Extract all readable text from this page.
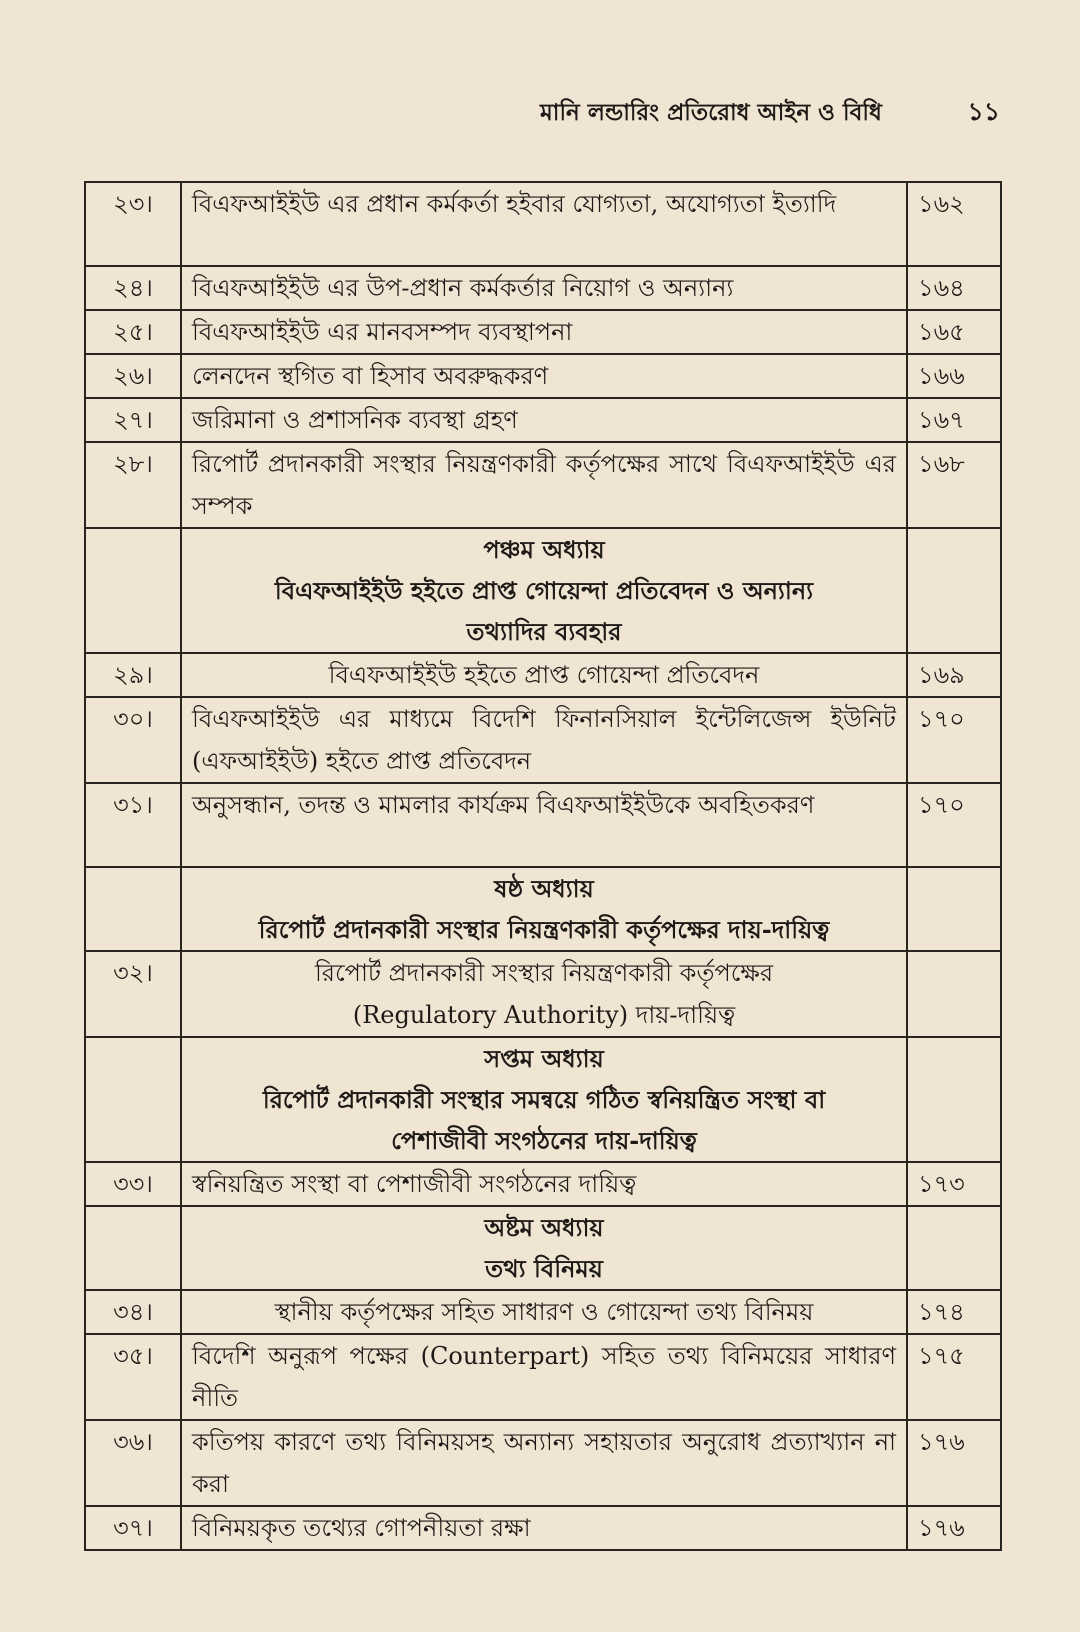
মানি লন্ডারিং প্রতিরোধ আইন ও বিধি	১১
২৩।	বিএফআইইউ এর প্রধান কর্মকর্তা হইবার যোগ্যতা, অযোগ্যতা ইত্যাদি	১৬২
২৪।	বিএফআইইউ এর উপ-প্রধান কর্মকর্তার নিয়োগ ও অন্যান্য	১৬৪
২৫।	বিএফআইইউ এর মানবসম্পদ ব্যবস্থাপনা	১৬৫
২৬।	লেনদেন স্থগিত বা হিসাব অবরুদ্ধকরণ	১৬৬
২৭।	জরিমানা ও প্রশাসনিক ব্যবস্থা গ্রহণ	১৬৭
২৮।	রিপোর্ট প্রদানকারী সংস্থার নিয়ন্ত্রণকারী কর্তৃপক্ষের সাথে বিএফআইইউ এর সম্পক	১৬৮

	পঞ্চম অধ্যায়
বিএফআইইউ হইতে প্রাপ্ত গোয়েন্দা প্রতিবেদন ও অন্যান্য
তথ্যাদির ব্যবহার	

২৯।	বিএফআইইউ হইতে প্রাপ্ত গোয়েন্দা প্রতিবেদন	১৬৯
৩০।	বিএফআইইউ এর মাধ্যমে বিদেশি ফিনানসিয়াল ইন্টেলিজেন্স ইউনিট (এফআইইউ) হইতে প্রাপ্ত প্রতিবেদন	১৭০
৩১।	অনুসন্ধান, তদন্ত ও মামলার কার্যক্রম বিএফআইইউকে অবহিতকরণ	১৭০

	ষষ্ঠ অধ্যায়
রিপোর্ট প্রদানকারী সংস্থার নিয়ন্ত্রণকারী কর্তৃপক্ষের দায়-দায়িত্ব	

৩২।	রিপোর্ট প্রদানকারী সংস্থার নিয়ন্ত্রণকারী কর্তৃপক্ষের
(Regulatory Authority) দায়-দায়িত্ব	

	সপ্তম অধ্যায়
রিপোর্ট প্রদানকারী সংস্থার সমন্বয়ে গঠিত স্বনিয়ন্ত্রিত সংস্থা বা
পেশাজীবী সংগঠনের দায়-দায়িত্ব	

৩৩।	স্বনিয়ন্ত্রিত সংস্থা বা পেশাজীবী সংগঠনের দায়িত্ব	১৭৩

	অষ্টম অধ্যায়
তথ্য বিনিময়	

৩৪।	স্থানীয় কর্তৃপক্ষের সহিত সাধারণ ও গোয়েন্দা তথ্য বিনিময়	১৭৪
৩৫।	বিদেশি অনুরূপ পক্ষের (Counterpart) সহিত তথ্য বিনিময়ের সাধারণ নীতি	১৭৫
৩৬।	কতিপয় কারণে তথ্য বিনিময়সহ অন্যান্য সহায়তার অনুরোধ প্রত্যাখ্যান না করা	১৭৬
৩৭।	বিনিময়কৃত তথ্যের গোপনীয়তা রক্ষা	১৭৬
